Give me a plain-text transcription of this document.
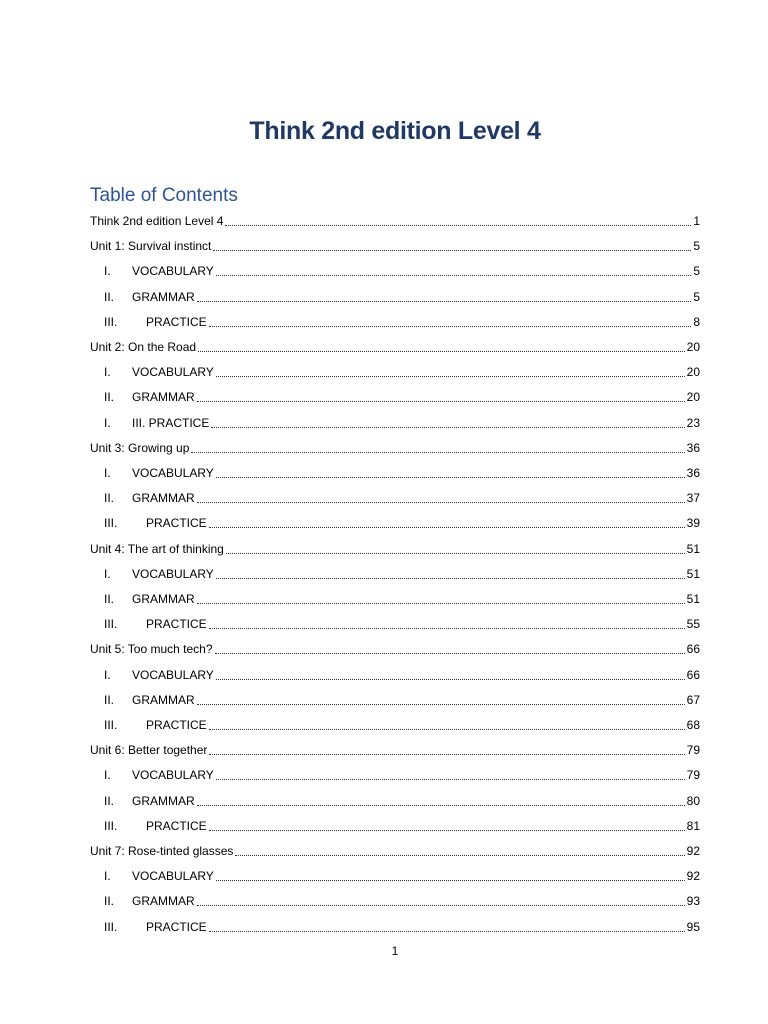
Think 2nd edition Level 4
Table of Contents
Think 2nd edition Level 4	1
Unit 1: Survival instinct	5
I.	VOCABULARY	5
II.	GRAMMAR	5
III.	PRACTICE	8
Unit 2: On the Road	20
I.	VOCABULARY	20
II.	GRAMMAR	20
I.	III. PRACTICE	23
Unit 3: Growing up	36
I.	VOCABULARY	36
II.	GRAMMAR	37
III.	PRACTICE	39
Unit 4: The art of thinking	51
I.	VOCABULARY	51
II.	GRAMMAR	51
III.	PRACTICE	55
Unit 5: Too much tech?	66
I.	VOCABULARY	66
II.	GRAMMAR	67
III.	PRACTICE	68
Unit 6: Better together	79
I.	VOCABULARY	79
II.	GRAMMAR	80
III.	PRACTICE	81
Unit 7: Rose-tinted glasses	92
I.	VOCABULARY	92
II.	GRAMMAR	93
III.	PRACTICE	95
1
